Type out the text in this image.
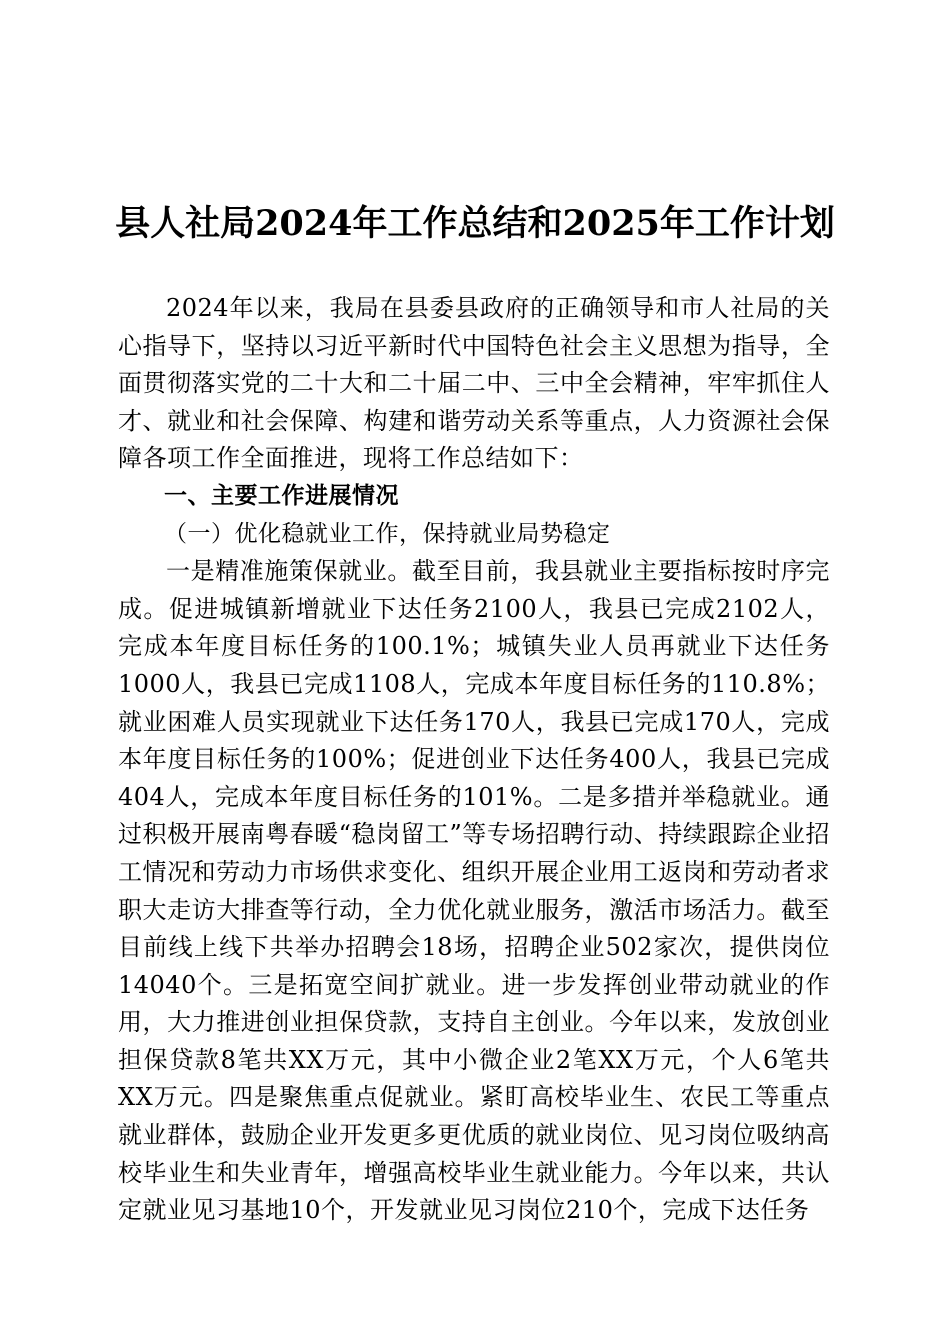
县人社局2024年工作总结和2025年工作计划

2024年以来，我局在县委县政府的正确领导和市人社局的关心指导下，坚持以习近平新时代中国特色社会主义思想为指导，全面贯彻落实党的二十大和二十届二中、三中全会精神，牢牢抓住人才、就业和社会保障、构建和谐劳动关系等重点，人力资源社会保障各项工作全面推进，现将工作总结如下：

一、主要工作进展情况

（一）优化稳就业工作，保持就业局势稳定

一是精准施策保就业。截至目前，我县就业主要指标按时序完成。促进城镇新增就业下达任务2100人，我县已完成2102人，完成本年度目标任务的100.1%；城镇失业人员再就业下达任务1000人，我县已完成1108人，完成本年度目标任务的110.8%；就业困难人员实现就业下达任务170人，我县已完成170人，完成本年度目标任务的100%；促进创业下达任务400人，我县已完成404人，完成本年度目标任务的101%。二是多措并举稳就业。通过积极开展南粤春暖“稳岗留工”等专场招聘行动、持续跟踪企业招工情况和劳动力市场供求变化、组织开展企业用工返岗和劳动者求职大走访大排查等行动，全力优化就业服务，激活市场活力。截至目前线上线下共举办招聘会18场，招聘企业502家次，提供岗位14040个。三是拓宽空间扩就业。进一步发挥创业带动就业的作用，大力推进创业担保贷款，支持自主创业。今年以来，发放创业担保贷款8笔共XX万元，其中小微企业2笔XX万元，个人6笔共XX万元。四是聚焦重点促就业。紧盯高校毕业生、农民工等重点就业群体，鼓励企业开发更多更优质的就业岗位、见习岗位吸纳高校毕业生和失业青年，增强高校毕业生就业能力。今年以来，共认定就业见习基地10个，开发就业见习岗位210个，完成下达任务
